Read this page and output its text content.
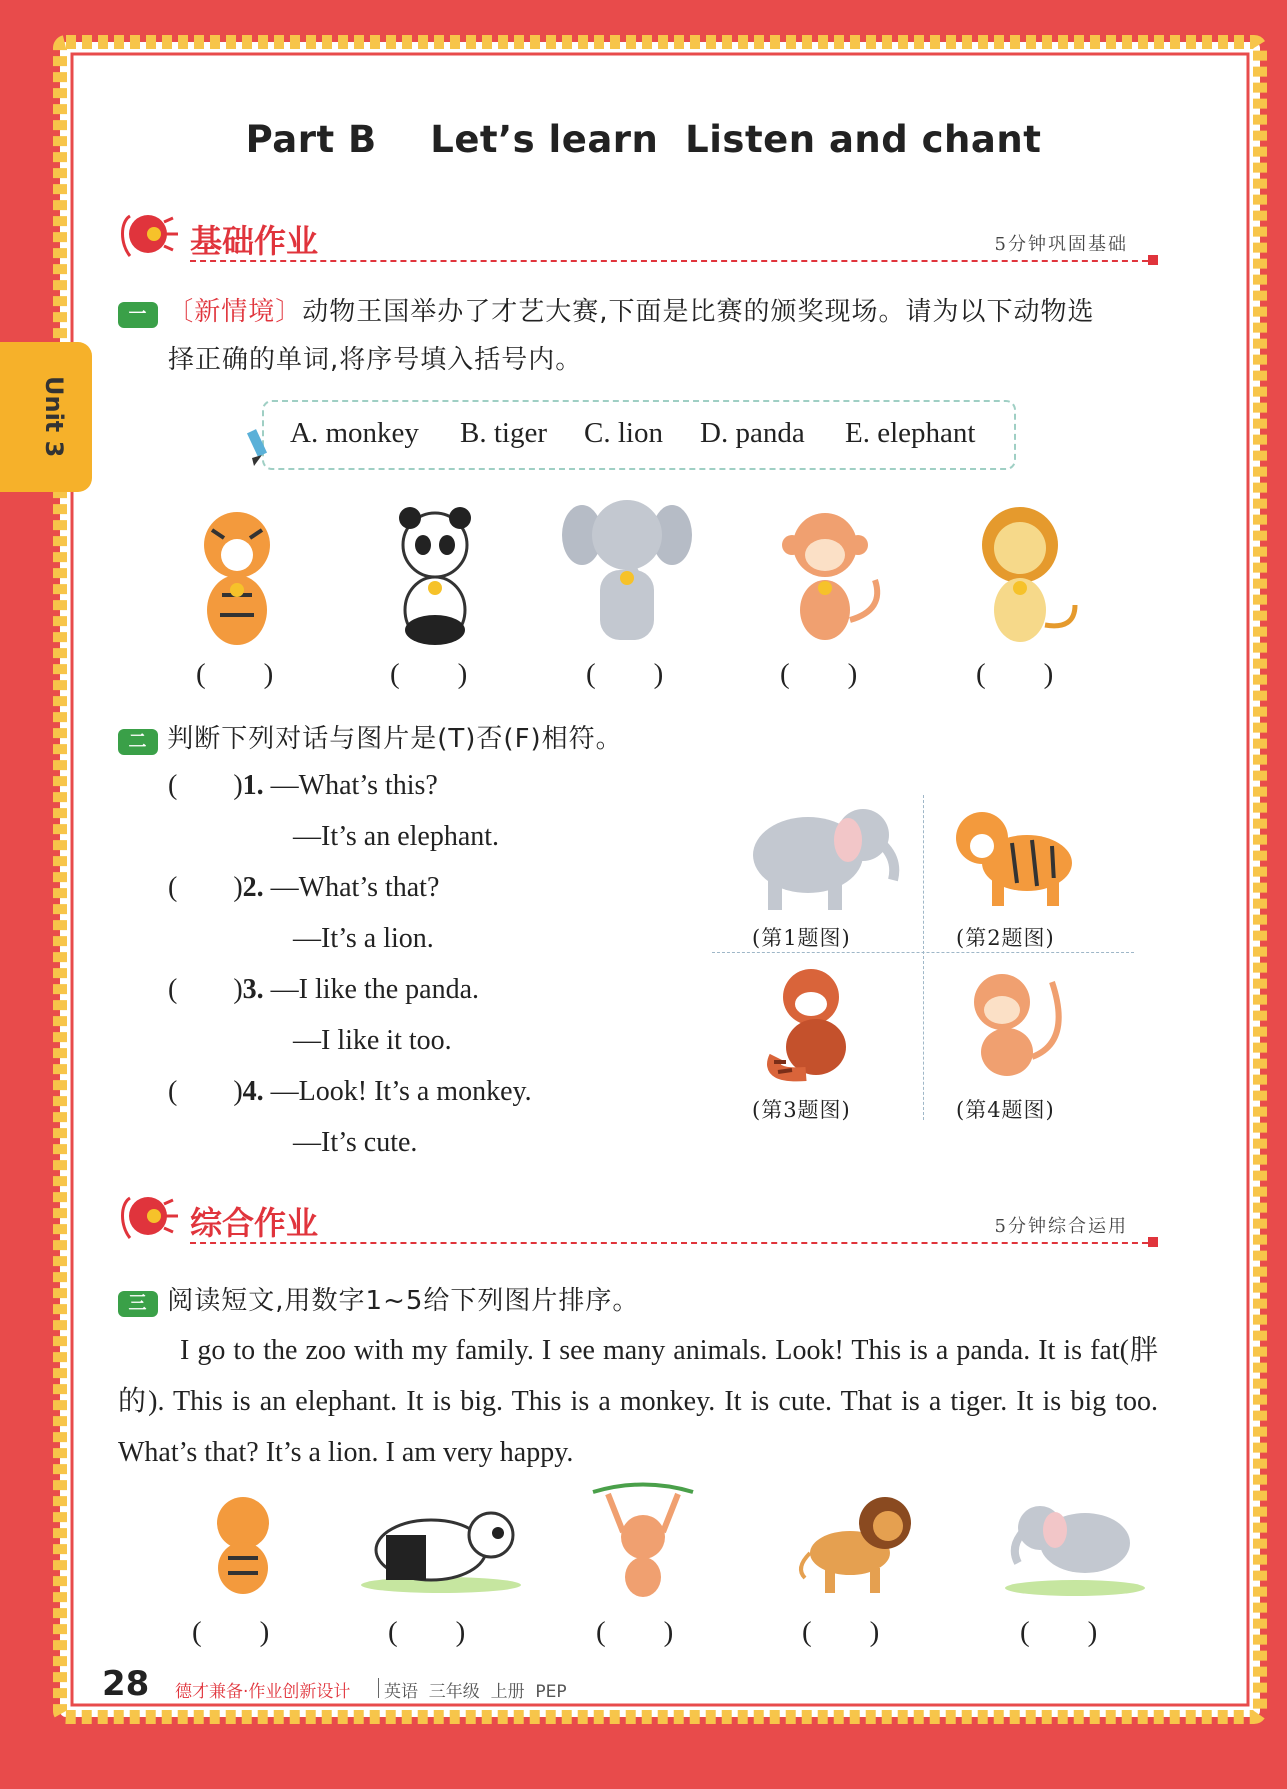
Unit 3
Part B    Let’s learn  Listen and chant
基础作业	5分钟巩固基础
一 〔新情境〕动物王国举办了才艺大赛,下面是比赛的颁奖现场。请为以下动物选
择正确的单词,将序号填入括号内。
A. monkey B. tiger C. lion D. panda E. elephant
(        )	(        )	(        )	(        )	(        )
二 判断下列对话与图片是(T)否(F)相符。
(        )1. —What’s this?
—It’s an elephant.
(        )2. —What’s that?
—It’s a lion.
(        )3. —I like the panda.
—I like it too.
(        )4. —Look! It’s a monkey.
—It’s cute.
(第1题图)	(第2题图)
(第3题图)	(第4题图)
综合作业	5分钟综合运用
三 阅读短文,用数字1~5给下列图片排序。
I go to the zoo with my family. I see many animals. Look! This is a panda. It is fat(胖的). This is an elephant. It is big. This is a monkey. It is cute. That is a tiger. It is big too. What’s that? It’s a lion. I am very happy.
(        )	(        )	(        )	(        )	(        )
28 德才兼备·作业创新设计 英语  三年级  上册  PEP
